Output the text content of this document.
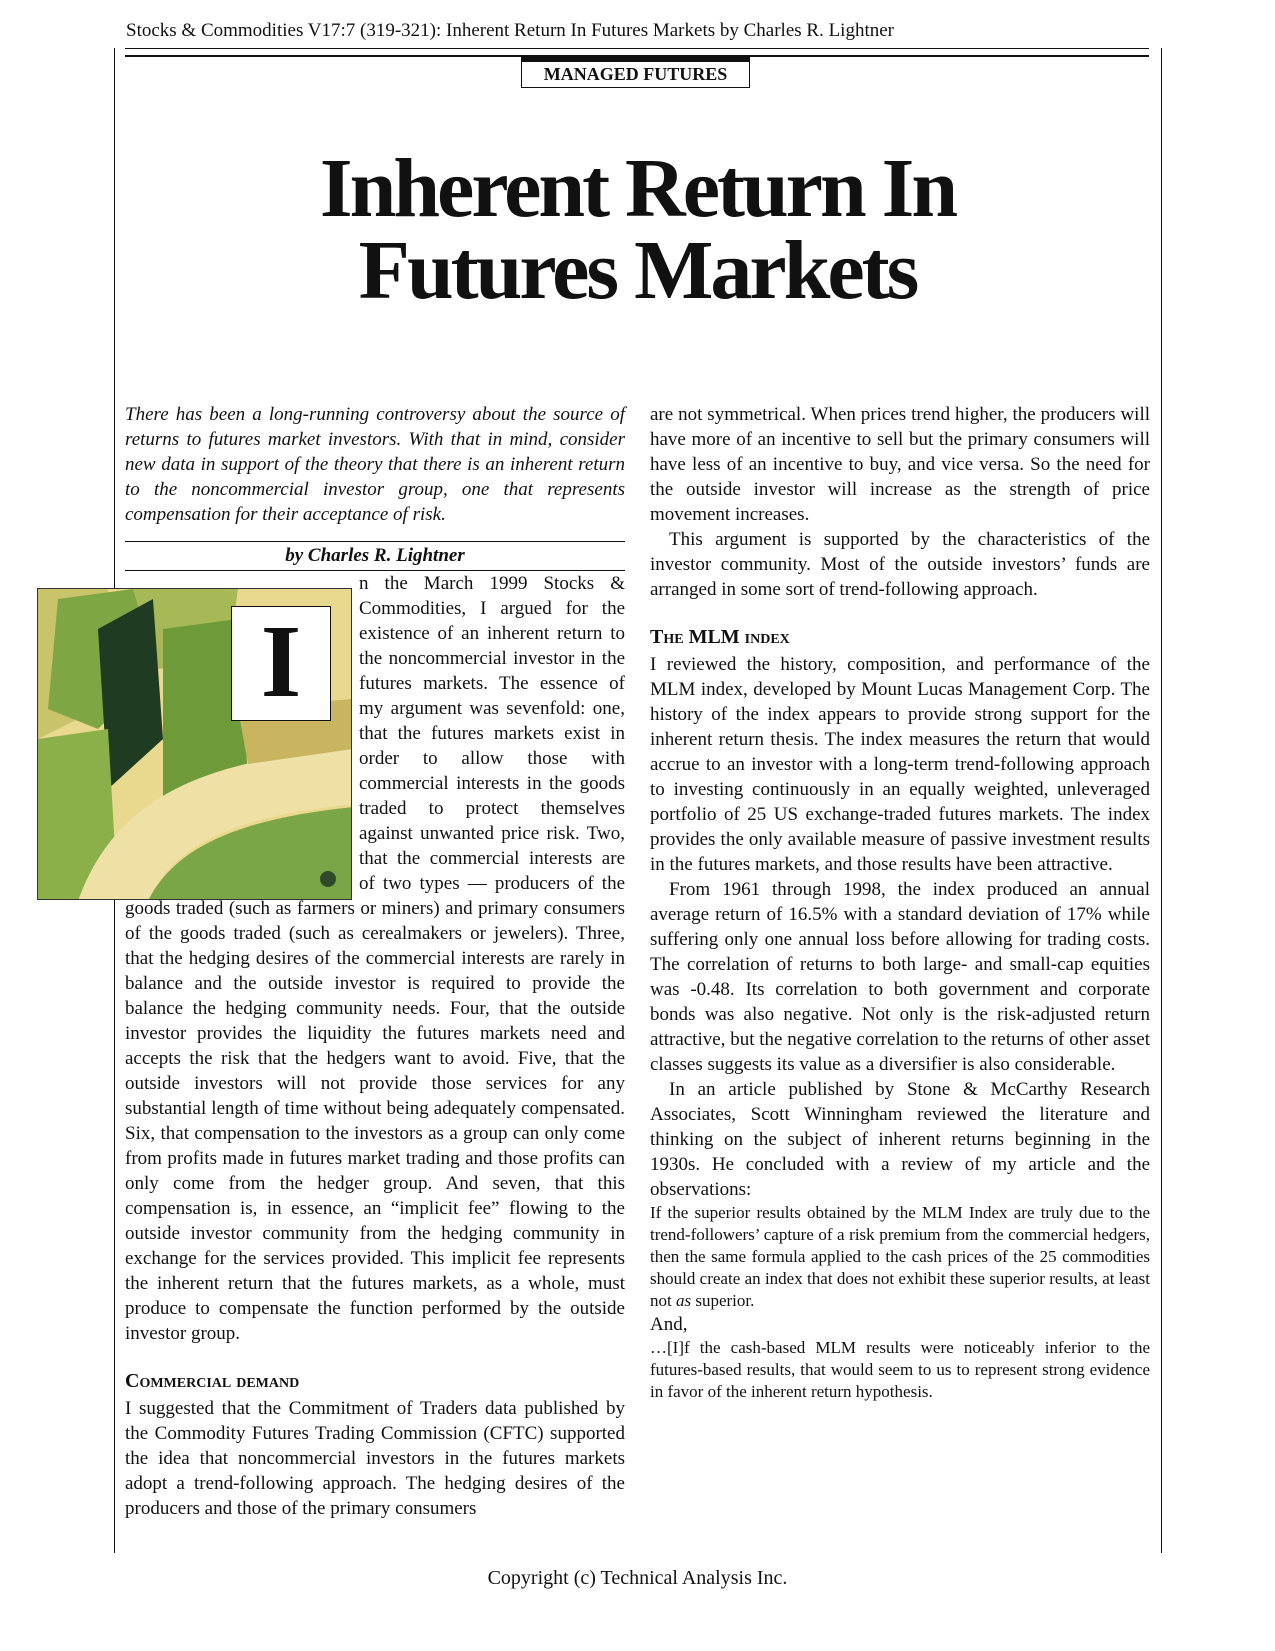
Stocks & Commodities V17:7 (319-321): Inherent Return In Futures Markets by Charles R. Lightner
MANAGED FUTURES
Inherent Return In
Futures Markets

There has been a long-running controversy about the source of returns to futures market investors. With that in mind, consider new data in support of the theory that there is an inherent return to the noncommercial investor group, one that represents compensation for their acceptance of risk.

by Charles R. Lightner

n the March 1999 Stocks & Commodities, I argued for the existence of an inherent return to the noncommercial investor in the futures markets. The essence of my argument was sevenfold: one, that the futures markets exist in order to allow those with commercial interests in the goods traded to protect themselves against unwanted price risk. Two, that the commercial interests are of two types — producers of the goods traded (such as farmers or miners) and primary consumers of the goods traded (such as cerealmakers or jewelers). Three, that the hedging desires of the commercial interests are rarely in balance and the outside investor is required to provide the balance the hedging community needs. Four, that the outside investor provides the liquidity the futures markets need and accepts the risk that the hedgers want to avoid. Five, that the outside investors will not provide those services for any substantial length of time without being adequately compensated. Six, that compensation to the investors as a group can only come from profits made in futures market trading and those profits can only come from the hedger group. And seven, that this compensation is, in essence, an “implicit fee” flowing to the outside investor community from the hedging community in exchange for the services provided. This implicit fee represents the inherent return that the futures markets, as a whole, must produce to compensate the function performed by the outside investor group.

Commercial demand

I suggested that the Commitment of Traders data published by the Commodity Futures Trading Commission (CFTC) supported the idea that noncommercial investors in the futures markets adopt a trend-following approach. The hedging desires of the producers and those of the primary consumers

are not symmetrical. When prices trend higher, the producers will have more of an incentive to sell but the primary consumers will have less of an incentive to buy, and vice versa. So the need for the outside investor will increase as the strength of price movement increases.

This argument is supported by the characteristics of the investor community. Most of the outside investors’ funds are arranged in some sort of trend-following approach.

The MLM index

I reviewed the history, composition, and performance of the MLM index, developed by Mount Lucas Management Corp. The history of the index appears to provide strong support for the inherent return thesis. The index measures the return that would accrue to an investor with a long-term trend-following approach to investing continuously in an equally weighted, unleveraged portfolio of 25 US exchange-traded futures markets. The index provides the only available measure of passive investment results in the futures markets, and those results have been attractive.

From 1961 through 1998, the index produced an annual average return of 16.5% with a standard deviation of 17% while suffering only one annual loss before allowing for trading costs. The correlation of returns to both large- and small-cap equities was -0.48. Its correlation to both government and corporate bonds was also negative. Not only is the risk-adjusted return attractive, but the negative correlation to the returns of other asset classes suggests its value as a diversifier is also considerable.

In an article published by Stone & McCarthy Research Associates, Scott Winningham reviewed the literature and thinking on the subject of inherent returns beginning in the 1930s. He concluded with a review of my article and the observations:

If the superior results obtained by the MLM Index are truly due to the trend-followers’ capture of a risk premium from the commercial hedgers, then the same formula applied to the cash prices of the 25 commodities should create an index that does not exhibit these superior results, at least not as superior.

And,

…[I]f the cash-based MLM results were noticeably inferior to the futures-based results, that would seem to us to represent strong evidence in favor of the inherent return hypothesis.

I
Copyright (c) Technical Analysis Inc.
